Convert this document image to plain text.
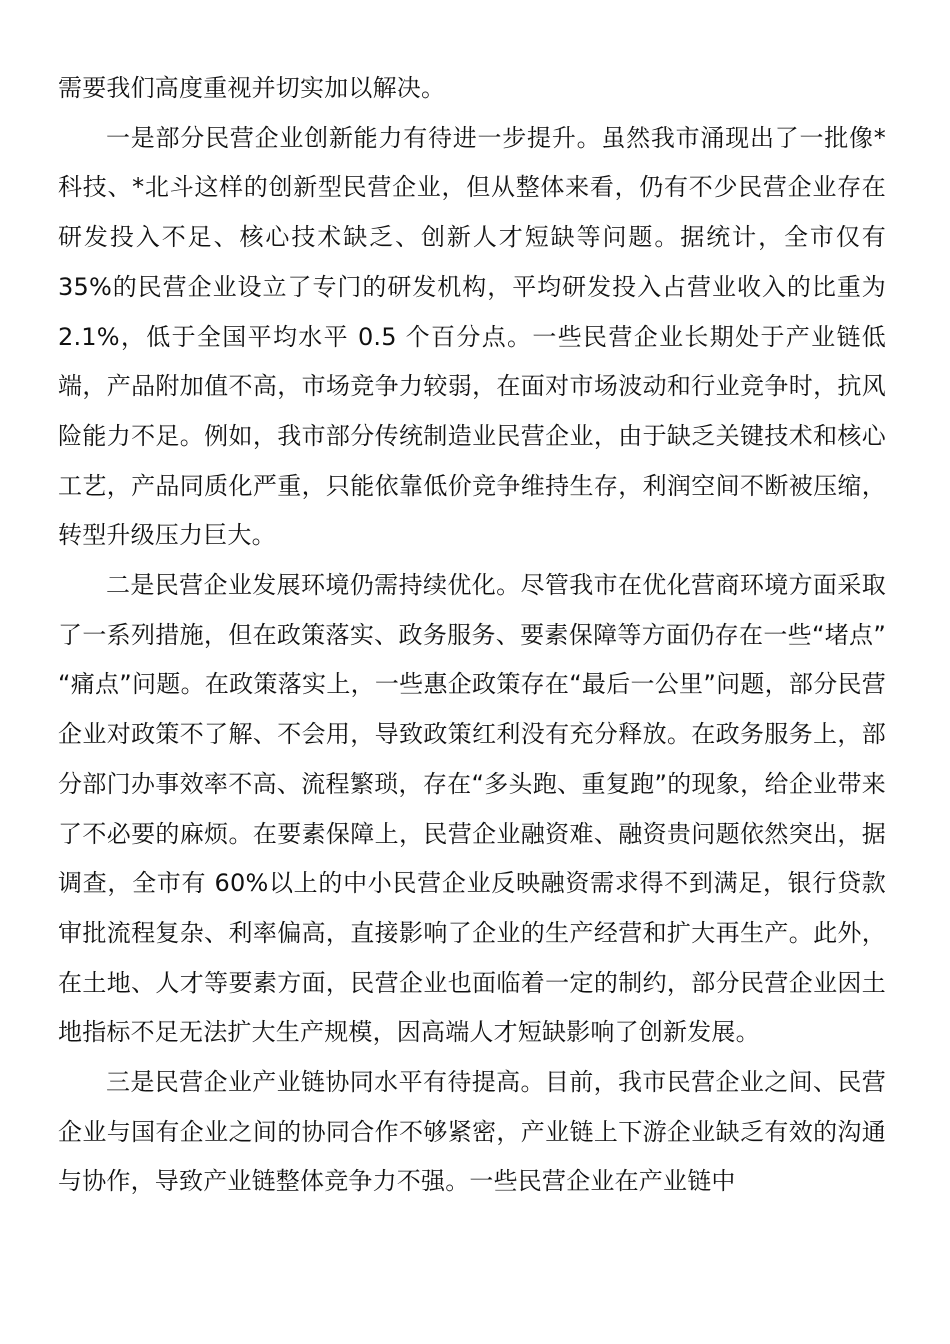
需要我们高度重视并切实加以解决。

一是部分民营企业创新能力有待进一步提升。虽然我市涌现出了一批像*科技、*北斗这样的创新型民营企业，但从整体来看，仍有不少民营企业存在研发投入不足、核心技术缺乏、创新人才短缺等问题。据统计，全市仅有 35%的民营企业设立了专门的研发机构，平均研发投入占营业收入的比重为 2.1%，低于全国平均水平 0.5 个百分点。一些民营企业长期处于产业链低端，产品附加值不高，市场竞争力较弱，在面对市场波动和行业竞争时，抗风险能力不足。例如，我市部分传统制造业民营企业，由于缺乏关键技术和核心工艺，产品同质化严重，只能依靠低价竞争维持生存，利润空间不断被压缩，转型升级压力巨大。

二是民营企业发展环境仍需持续优化。尽管我市在优化营商环境方面采取了一系列措施，但在政策落实、政务服务、要素保障等方面仍存在一些“堵点” “痛点”问题。在政策落实上，一些惠企政策存在“最后一公里”问题，部分民营企业对政策不了解、不会用，导致政策红利没有充分释放。在政务服务上，部分部门办事效率不高、流程繁琐，存在“多头跑、重复跑”的现象，给企业带来了不必要的麻烦。在要素保障上，民营企业融资难、融资贵问题依然突出，据调查，全市有 60%以上的中小民营企业反映融资需求得不到满足，银行贷款审批流程复杂、利率偏高，直接影响了企业的生产经营和扩大再生产。此外，在土地、人才等要素方面，民营企业也面临着一定的制约，部分民营企业因土地指标不足无法扩大生产规模，因高端人才短缺影响了创新发展。

三是民营企业产业链协同水平有待提高。目前，我市民营企业之间、民营企业与国有企业之间的协同合作不够紧密，产业链上下游企业缺乏有效的沟通与协作，导致产业链整体竞争力不强。一些民营企业在产业链中
